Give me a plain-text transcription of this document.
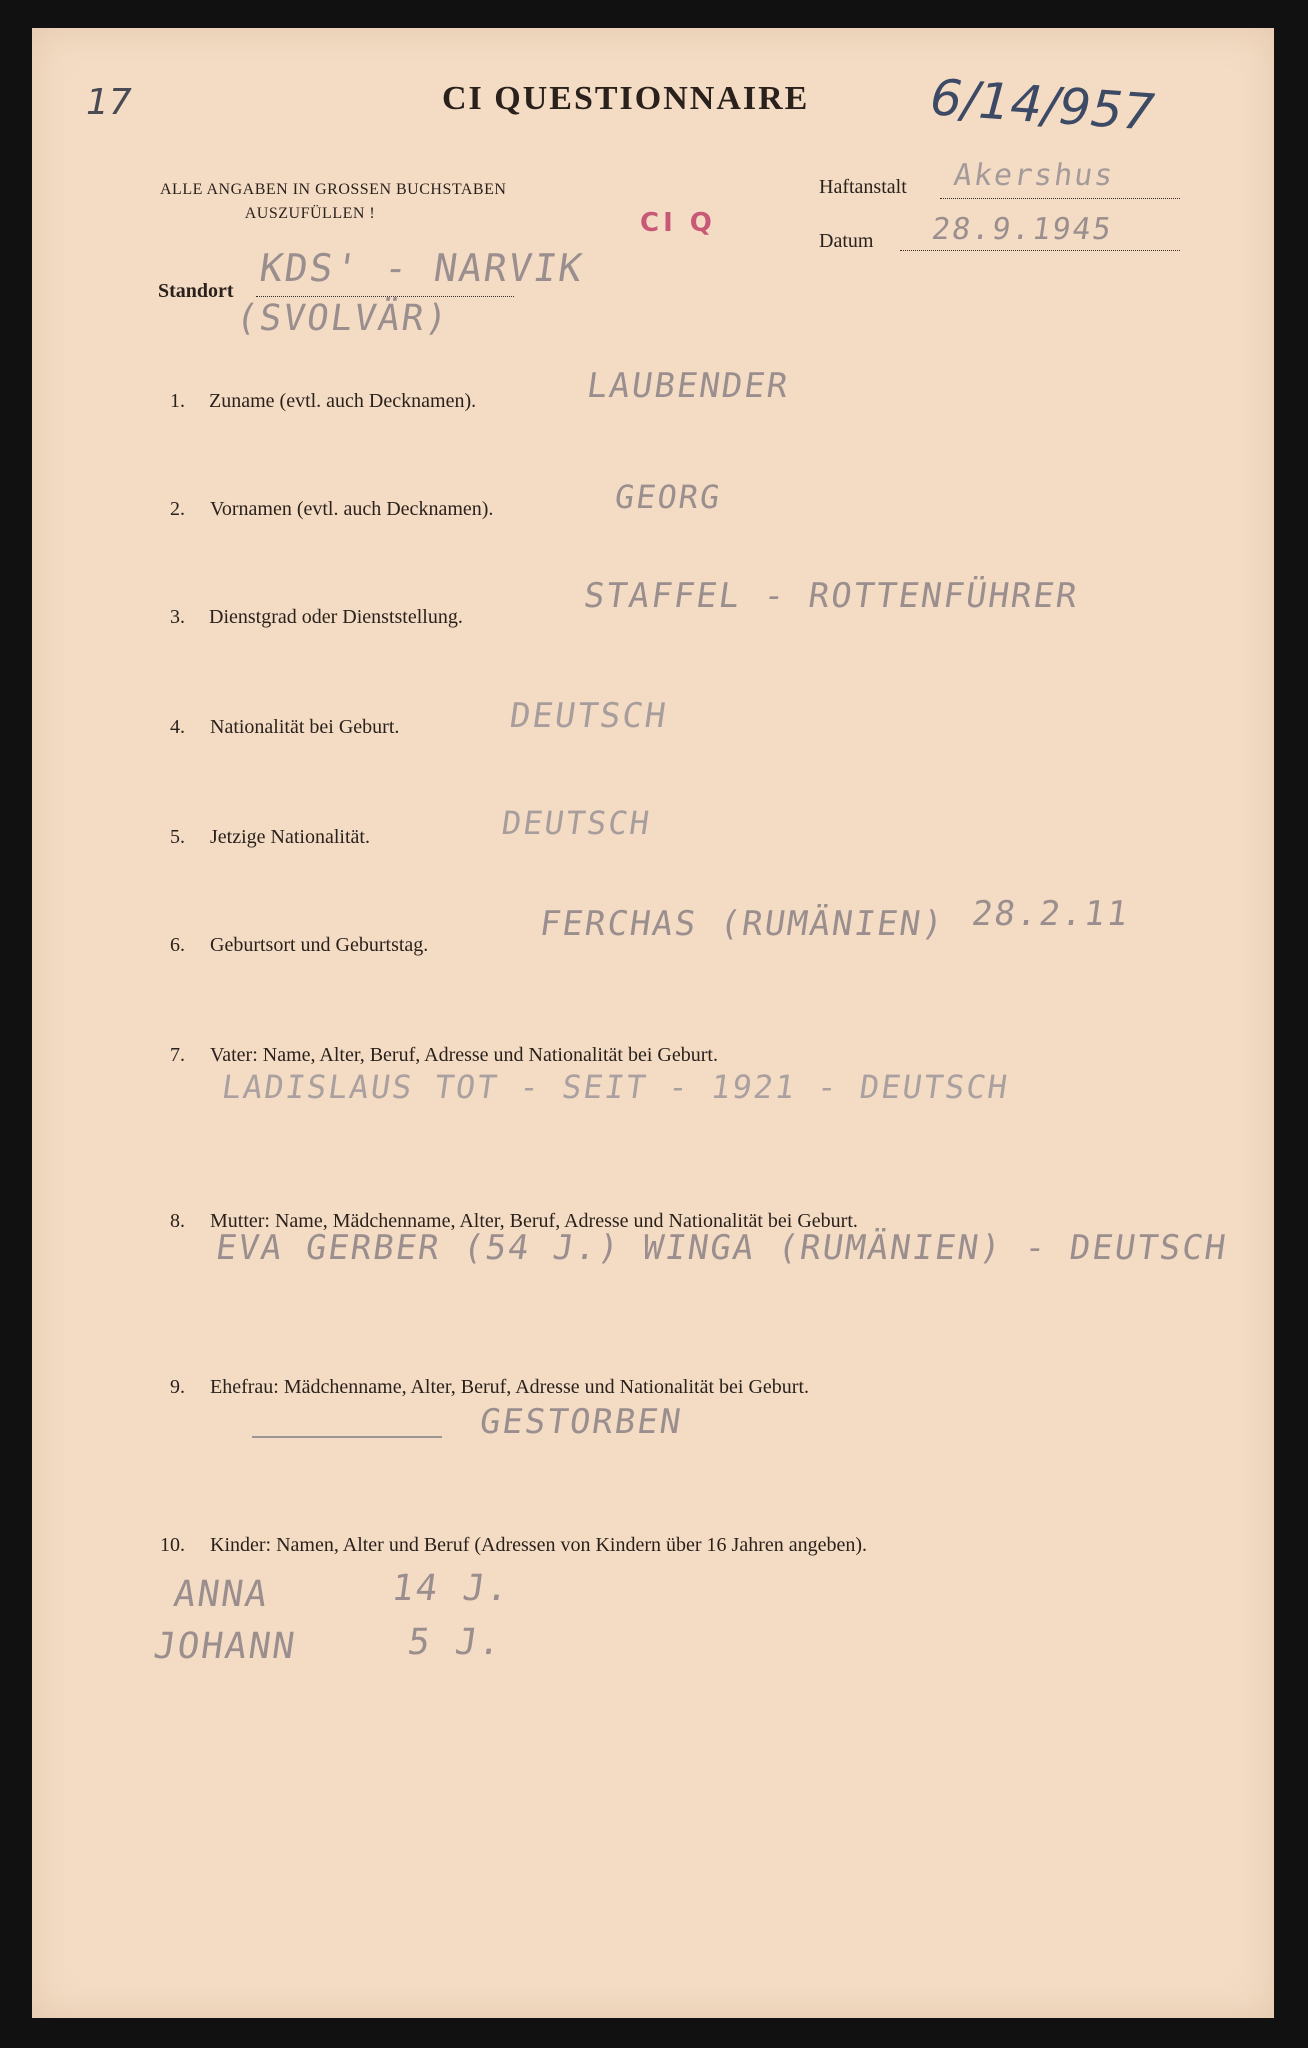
17	CI QUESTIONNAIRE 6/14/957
ALLE ANGABEN IN GROSSEN BUCHSTABEN
AUSZUFÜLLEN !	CI Q
Haftanstalt Akershus
Datum 28.9.1945
Standort
KDS' - NARVIK
(SVOLVÄR)
1. Zuname (evtl. auch Decknamen).	LAUBENDER
2. Vornamen (evtl. auch Decknamen).	GEORG
3. Dienstgrad oder Dienststellung.
STAFFEL - ROTTENFÜHRER
4. Nationalität bei Geburt.	DEUTSCH
5. Jetzige Nationalität.	DEUTSCH
6. Geburtsort und Geburtstag.
FERCHAS (RUMÄNIEN) 28.2.11
7. Vater: Name, Alter, Beruf, Adresse und Nationalität bei Geburt.
LADISLAUS TOT - SEIT - 1921 - DEUTSCH
8. Mutter: Name, Mädchenname, Alter, Beruf, Adresse und Nationalität bei Geburt.
EVA GERBER (54 J.) WINGA (RUMÄNIEN) - DEUTSCH
9. Ehefrau: Mädchenname, Alter, Beruf, Adresse und Nationalität bei Geburt.
GESTORBEN
10. Kinder: Namen, Alter und Beruf (Adressen von Kindern über 16 Jahren angeben).
ANNA	14 J.
JOHANN	5 J.
